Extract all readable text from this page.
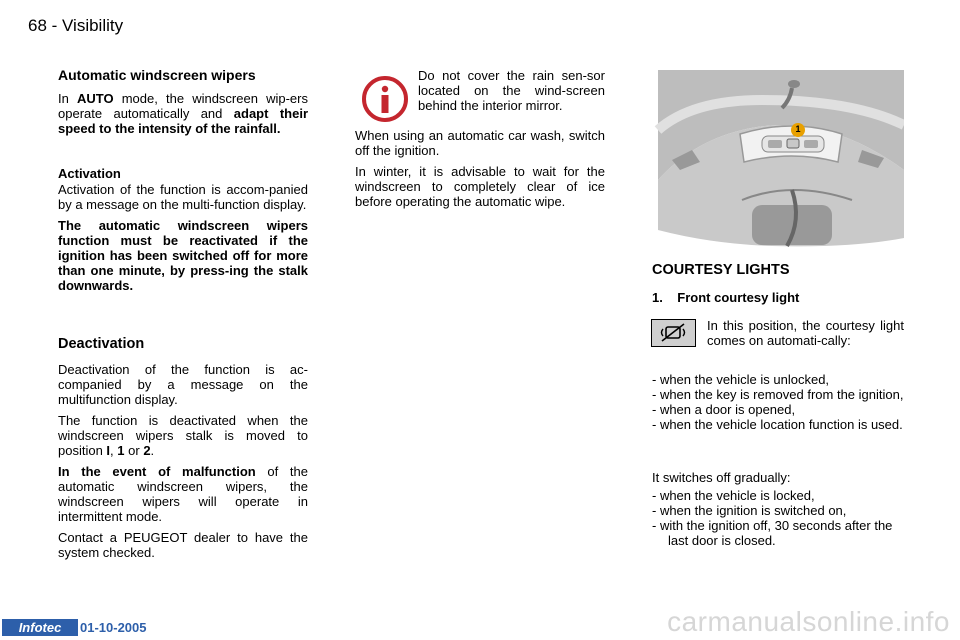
68 - Visibility
Automatic windscreen wipers

In AUTO mode, the windscreen wip-ers operate automatically and adapt their speed to the intensity of the rainfall.

Activation

Activation of the function is accom-panied by a message on the multi-function display.

The automatic windscreen wipers function must be reactivated if the ignition has been switched off for more than one minute, by press-ing the stalk downwards.

Deactivation

Deactivation of the function is ac-companied by a message on the multifunction display.

The function is deactivated when the windscreen wipers stalk is moved to position I, 1 or 2.

In the event of malfunction of the automatic windscreen wipers, the windscreen wipers will operate in intermittent mode.

Contact a PEUGEOT dealer to have the system checked.

Do not cover the rain sen-sor located on the wind-screen behind the interior mirror.

When using an automatic car wash, switch off the ignition.

In winter, it is advisable to wait for the windscreen to completely clear of ice before operating the automatic wipe.

1
COURTESY LIGHTS
1.    Front courtesy light

In this position, the courtesy light comes on automati-cally:

- when the vehicle is unlocked,
- when the key is removed from the ignition,
- when a door is opened,
- when the vehicle location function is used.

It switches off gradually:

- when the vehicle is locked,
- when the ignition is switched on,
- with the ignition off, 30 seconds after the last door is closed.
Infotec	01-10-2005	carmanualsonline.info
